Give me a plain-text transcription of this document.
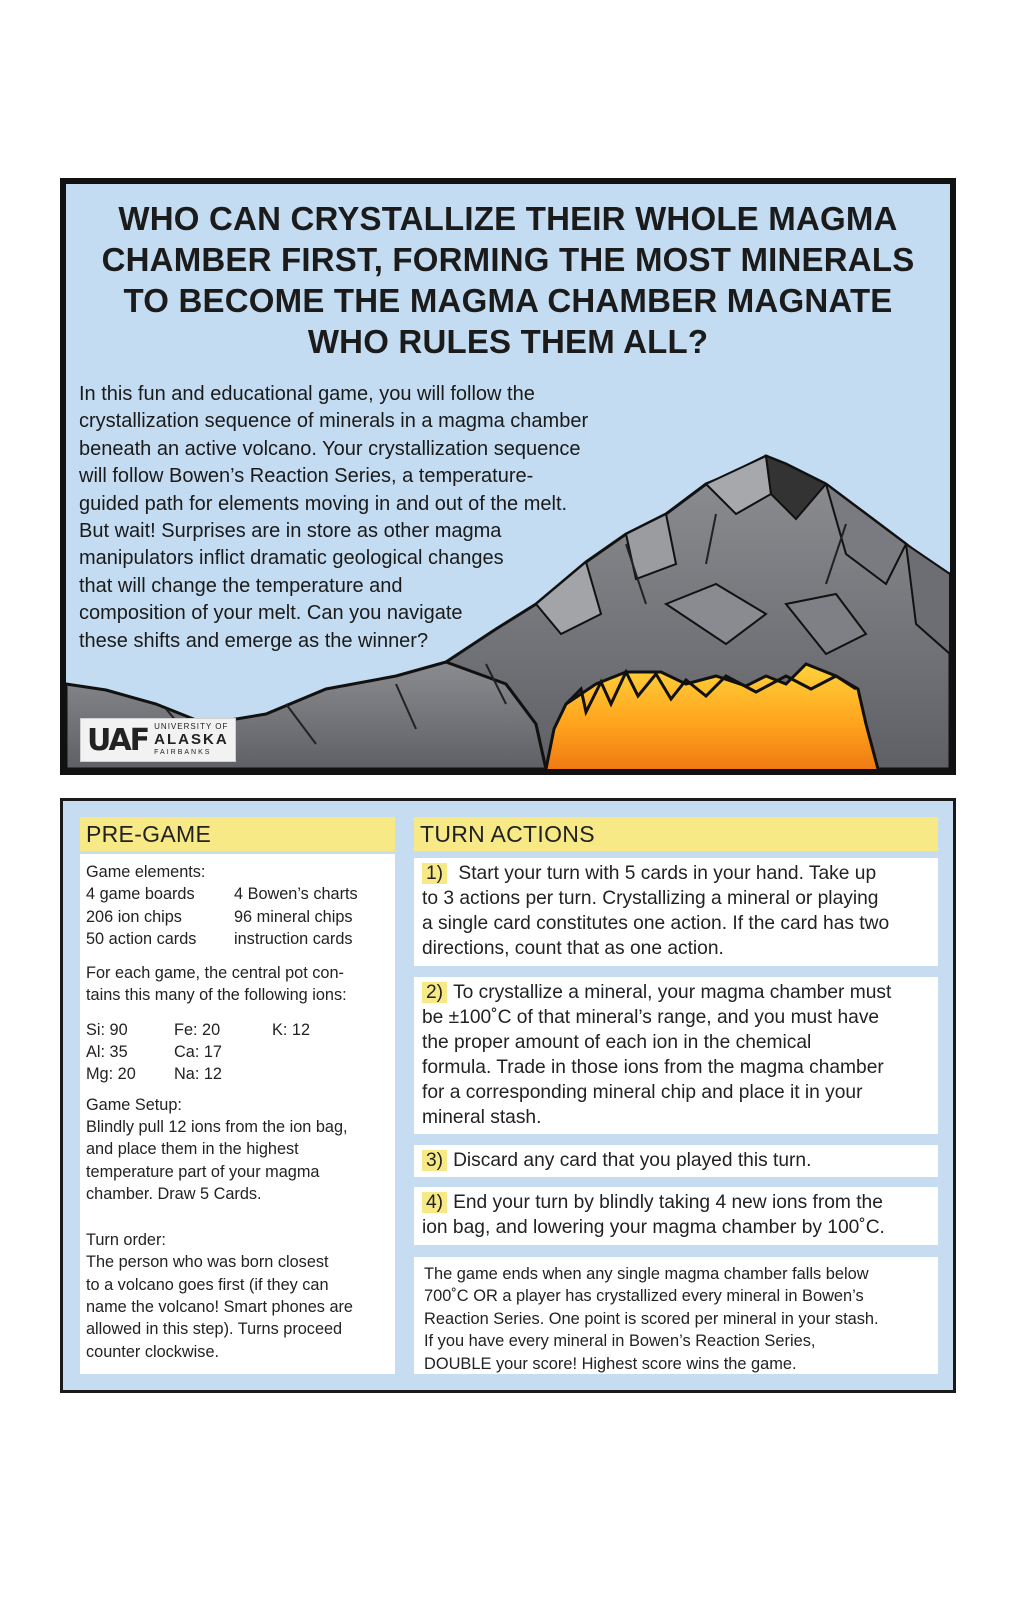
WHO CAN CRYSTALLIZE THEIR WHOLE MAGMA
CHAMBER FIRST, FORMING THE MOST MINERALS
TO BECOME THE MAGMA CHAMBER MAGNATE
WHO RULES THEM ALL?
In this fun and educational game, you will follow the
crystallization sequence of minerals in a magma chamber
beneath an active volcano. Your crystallization sequence
will follow Bowen’s Reaction Series, a temperature-
guided path for elements moving in and out of the melt.
But wait! Surprises are in store as other magma
manipulators inflict dramatic geological changes
that will change the temperature and
composition of your melt. Can you navigate
these shifts and emerge as the winner?
UAF UNIVERSITY OF
ALASKA
FAIRBANKS
PRE-GAME	TURN ACTIONS
Game elements:
4 game boards	4 Bowen’s charts
206 ion chips	96 mineral chips
50 action cards	instruction cards
For each game, the central pot con-
tains this many of the following ions:
Si: 90	Fe: 20	K: 12
Al: 35	Ca: 17
Mg: 20	Na: 12
Game Setup:
Blindly pull 12 ions from the ion bag,
and place them in the highest
temperature part of your magma
chamber. Draw 5 Cards.
Turn order:
The person who was born closest
to a volcano goes first (if they can
name the volcano! Smart phones are
allowed in this step). Turns proceed
counter clockwise.
1) Start your turn with 5 cards in your hand. Take up
to 3 actions per turn. Crystallizing a mineral or playing
a single card constitutes one action. If the card has two
directions, count that as one action.
2) To crystallize a mineral, your magma chamber must
be ±100˚C of that mineral’s range, and you must have
the proper amount of each ion in the chemical
formula. Trade in those ions from the magma chamber
for a corresponding mineral chip and place it in your
mineral stash.
3) Discard any card that you played this turn.
4) End your turn by blindly taking 4 new ions from the
ion bag, and lowering your magma chamber by 100˚C.
The game ends when any single magma chamber falls below
700˚C OR a player has crystallized every mineral in Bowen’s
Reaction Series. One point is scored per mineral in your stash.
If you have every mineral in Bowen’s Reaction Series,
DOUBLE your score! Highest score wins the game.
